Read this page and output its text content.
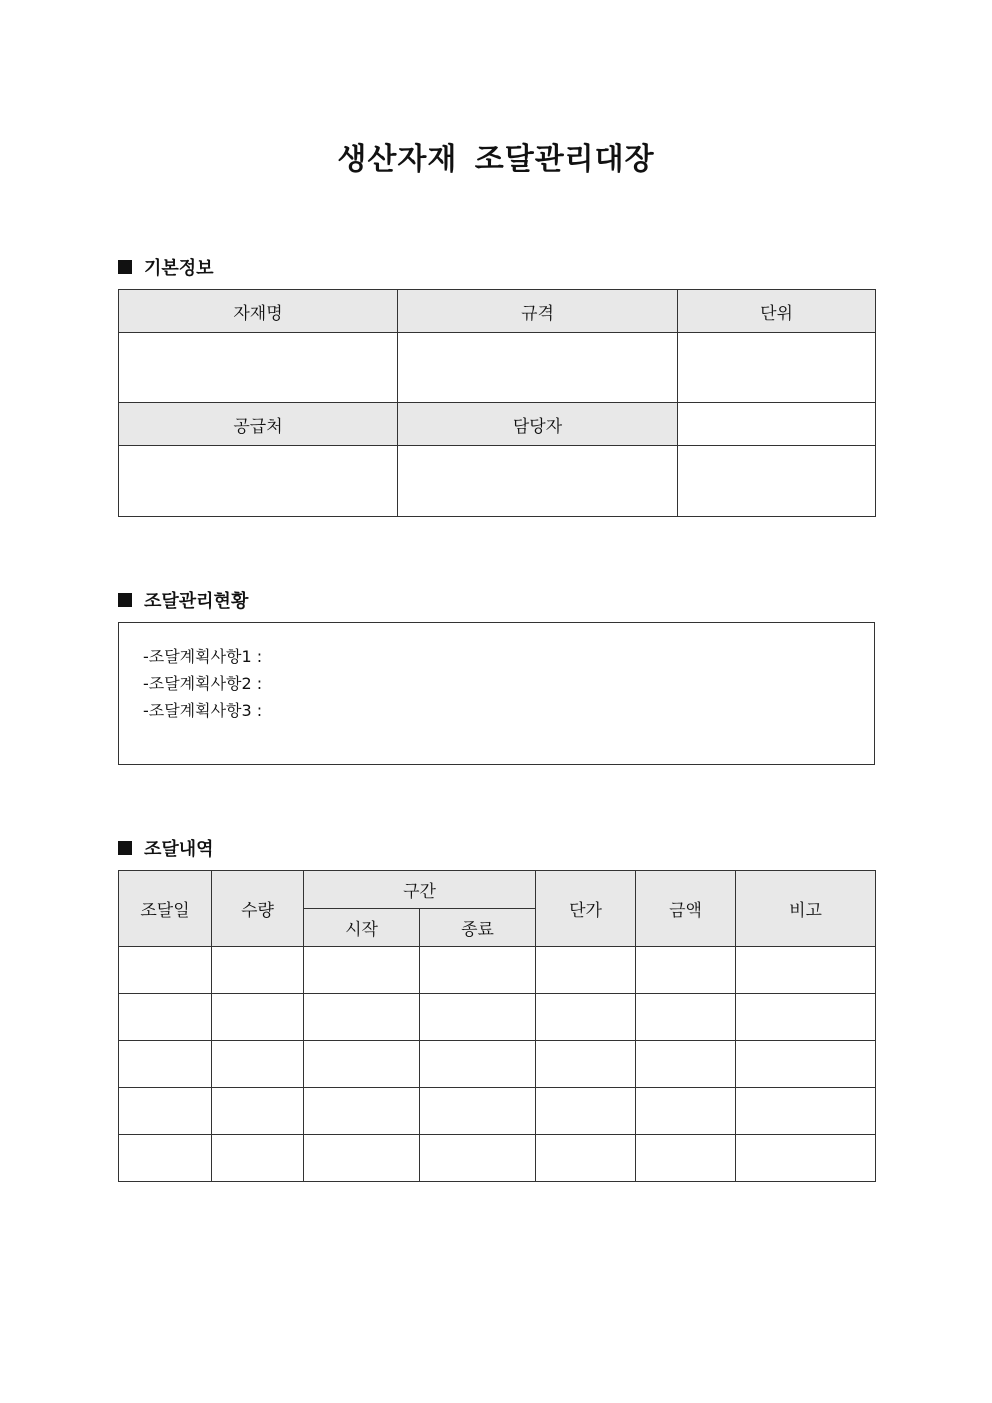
생산자재 조달관리대장
기본정보
자재명	규격	단위

공급처	담당자	

조달관리현황
-조달계획사항1 :
-조달계획사항2 :
-조달계획사항3 :
조달내역
조달일	수량	구간		단가	금액	비고
		시작	종료			
